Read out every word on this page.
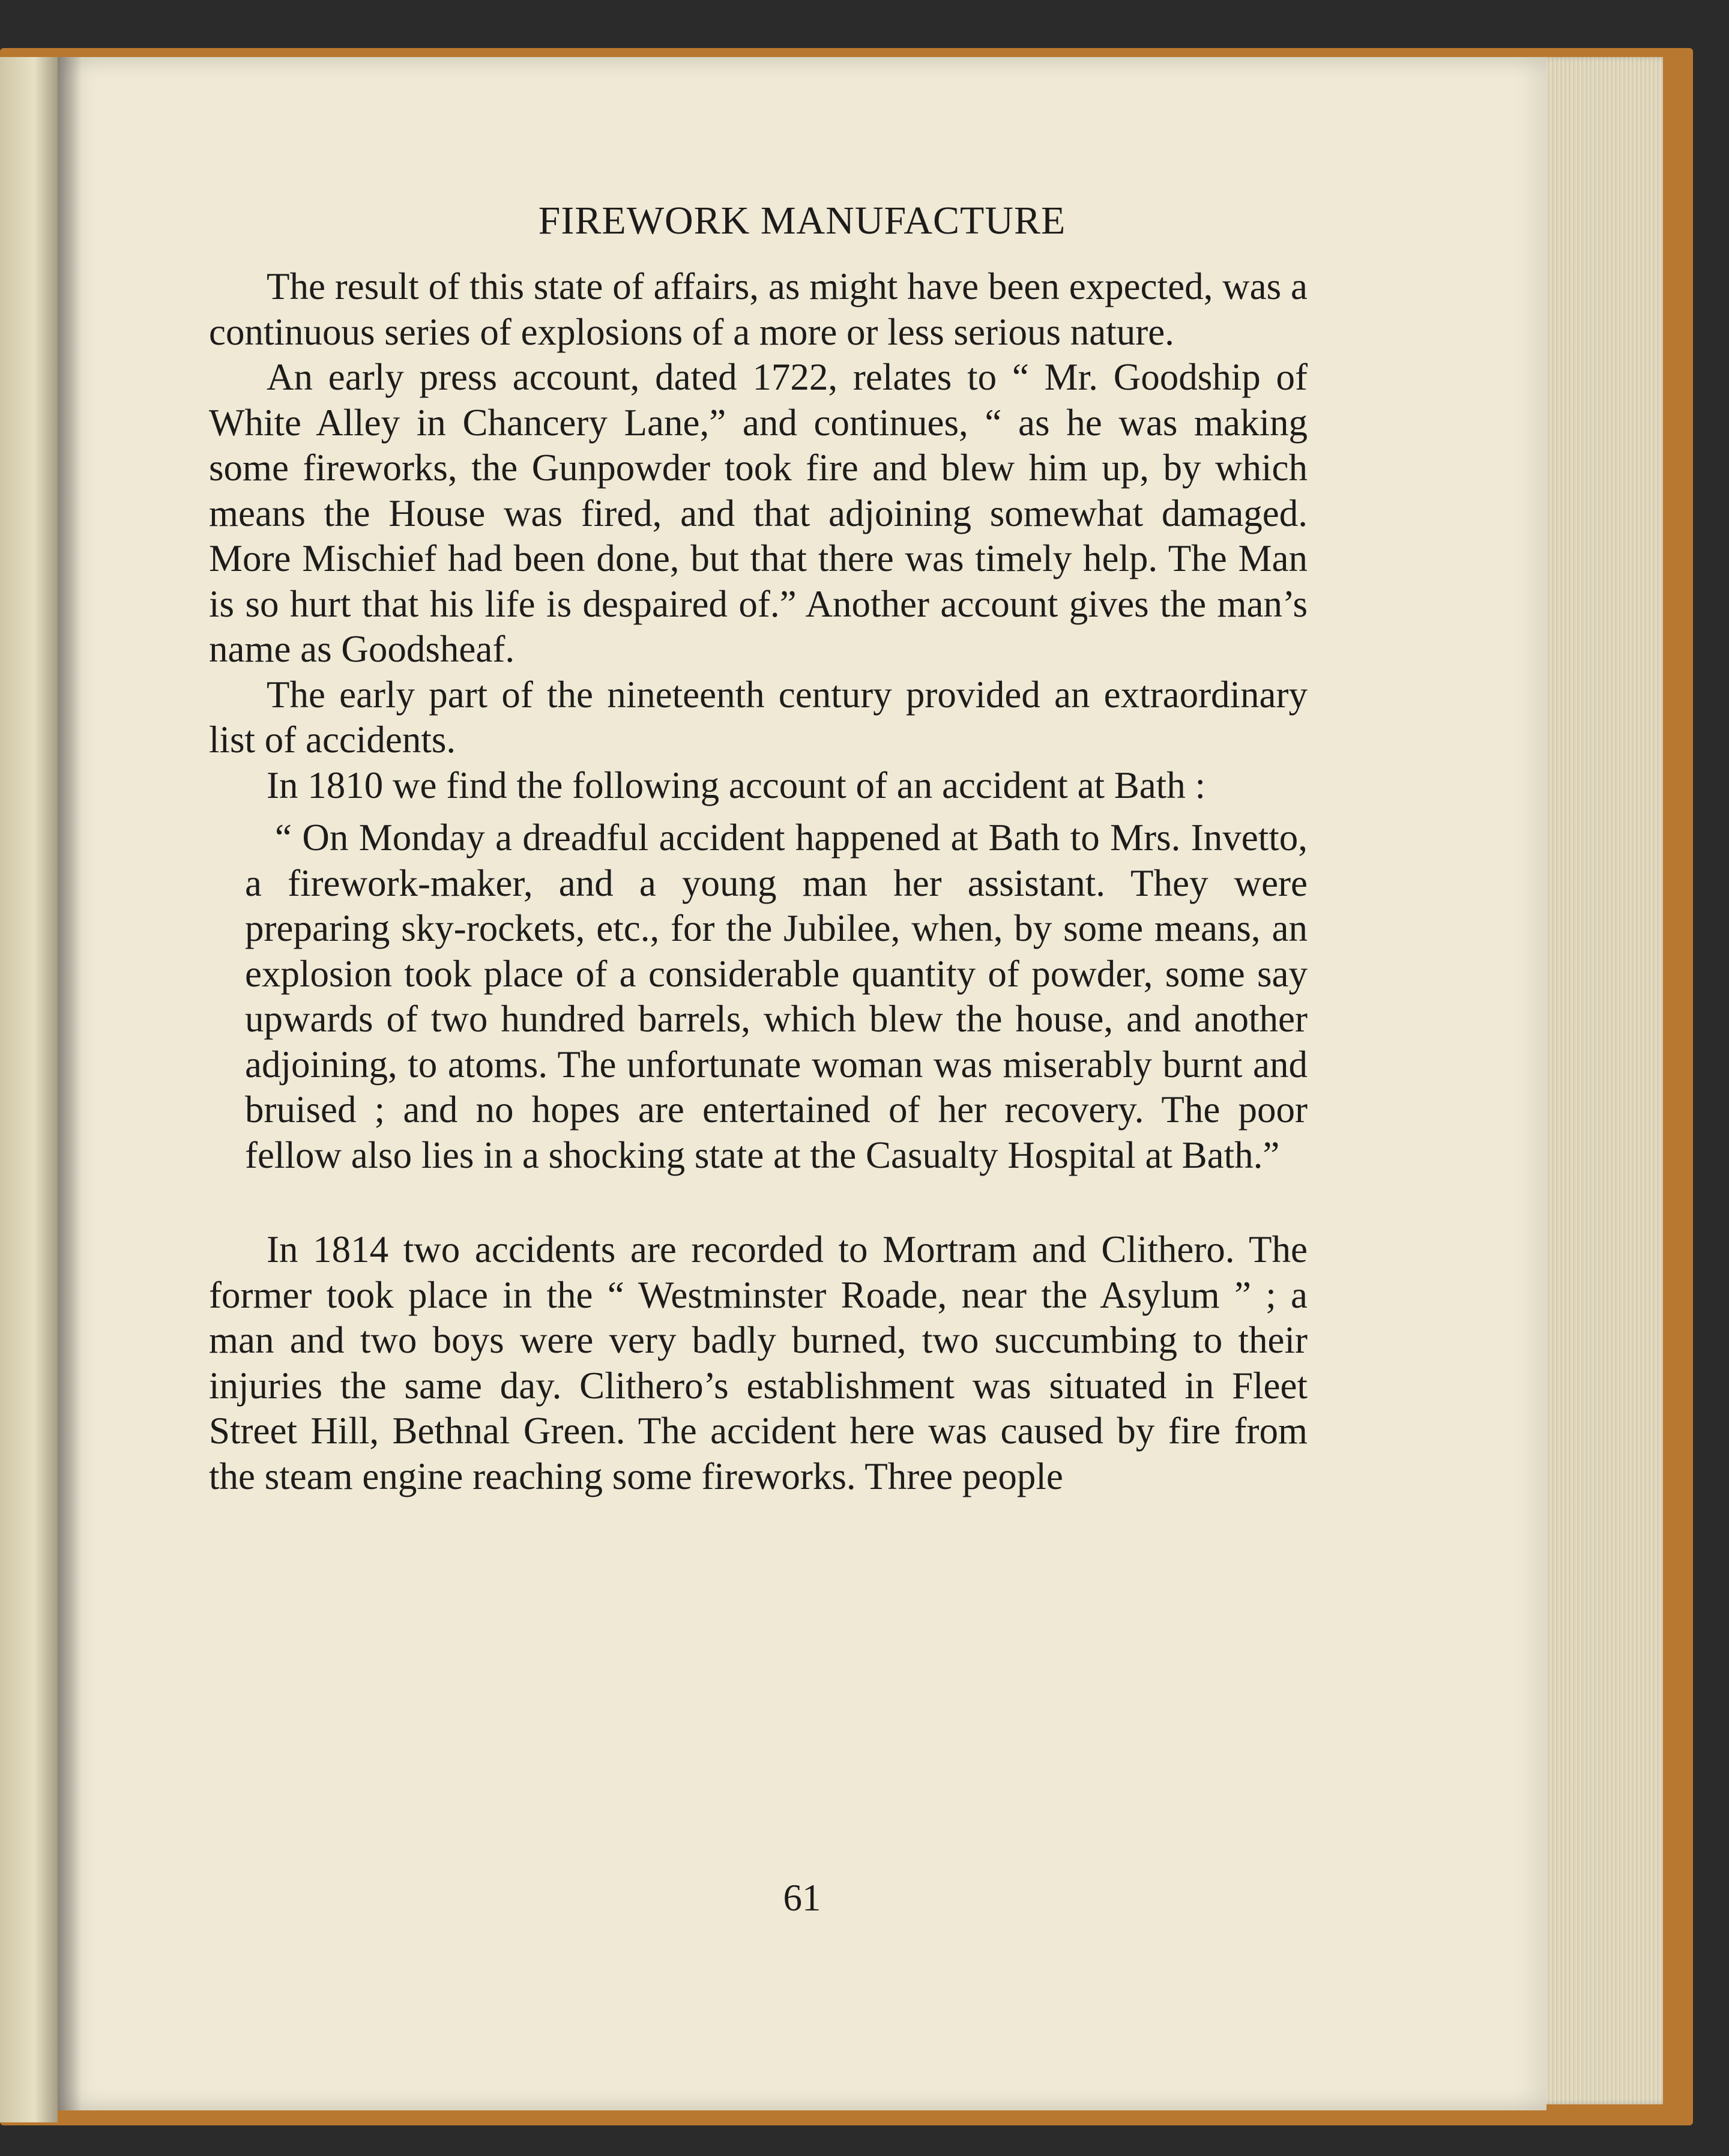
FIREWORK MANUFACTURE

The result of this state of affairs, as might have been expected, was a continuous series of explosions of a more or less serious nature.

An early press account, dated 1722, relates to “ Mr. Goodship of White Alley in Chancery Lane,” and continues, “ as he was making some fireworks, the Gunpowder took fire and blew him up, by which means the House was fired, and that adjoining somewhat damaged. More Mischief had been done, but that there was timely help. The Man is so hurt that his life is despaired of.” Another account gives the man’s name as Goodsheaf.

The early part of the nineteenth century provided an extraordinary list of accidents.

In 1810 we find the following account of an accident at Bath :

“ On Monday a dreadful accident happened at Bath to Mrs. Invetto, a firework-maker, and a young man her assistant. They were preparing sky-rockets, etc., for the Jubilee, when, by some means, an explosion took place of a considerable quantity of powder, some say upwards of two hundred barrels, which blew the house, and another adjoining, to atoms. The unfortunate woman was miserably burnt and bruised ; and no hopes are entertained of her recovery. The poor fellow also lies in a shocking state at the Casualty Hospital at Bath.”

In 1814 two accidents are recorded to Mortram and Clithero. The former took place in the “ Westminster Roade, near the Asylum ” ; a man and two boys were very badly burned, two succumbing to their injuries the same day. Clithero’s establishment was situated in Fleet Street Hill, Bethnal Green. The accident here was caused by fire from the steam engine reaching some fireworks. Three people

61
